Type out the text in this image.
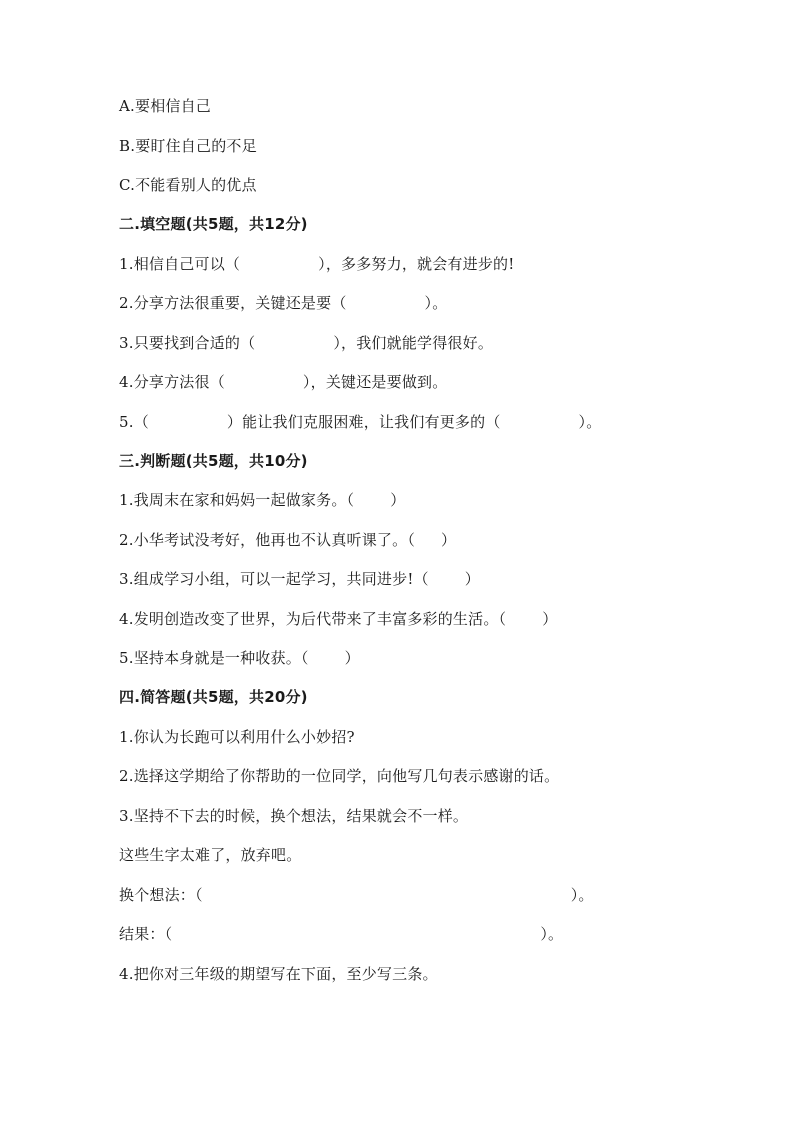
A.要相信自己
B.要盯住自己的不足
C.不能看别人的优点
二.填空题(共5题，共12分)
1.相信自己可以（	），多多努力，就会有进步的!
2.分享方法很重要，关键还是要（	）。
3.只要找到合适的（	），我们就能学得很好。
4.分享方法很（	），关键还是要做到。
5.（	）能让我们克服困难，让我们有更多的（	）。
三.判断题(共5题，共10分)
1.我周末在家和妈妈一起做家务。（ ）
2.小华考试没考好，他再也不认真听课了。（ ）
3.组成学习小组，可以一起学习，共同进步!（ ）
4.发明创造改变了世界，为后代带来了丰富多彩的生活。（ ）
5.坚持本身就是一种收获。（ ）
四.简答题(共5题，共20分)
1.你认为长跑可以利用什么小妙招?
2.选择这学期给了你帮助的一位同学，向他写几句表示感谢的话。
3.坚持不下去的时候，换个想法，结果就会不一样。
这些生字太难了，放弃吧。
换个想法：（	）。
结果：（	）。
4.把你对三年级的期望写在下面，至少写三条。
